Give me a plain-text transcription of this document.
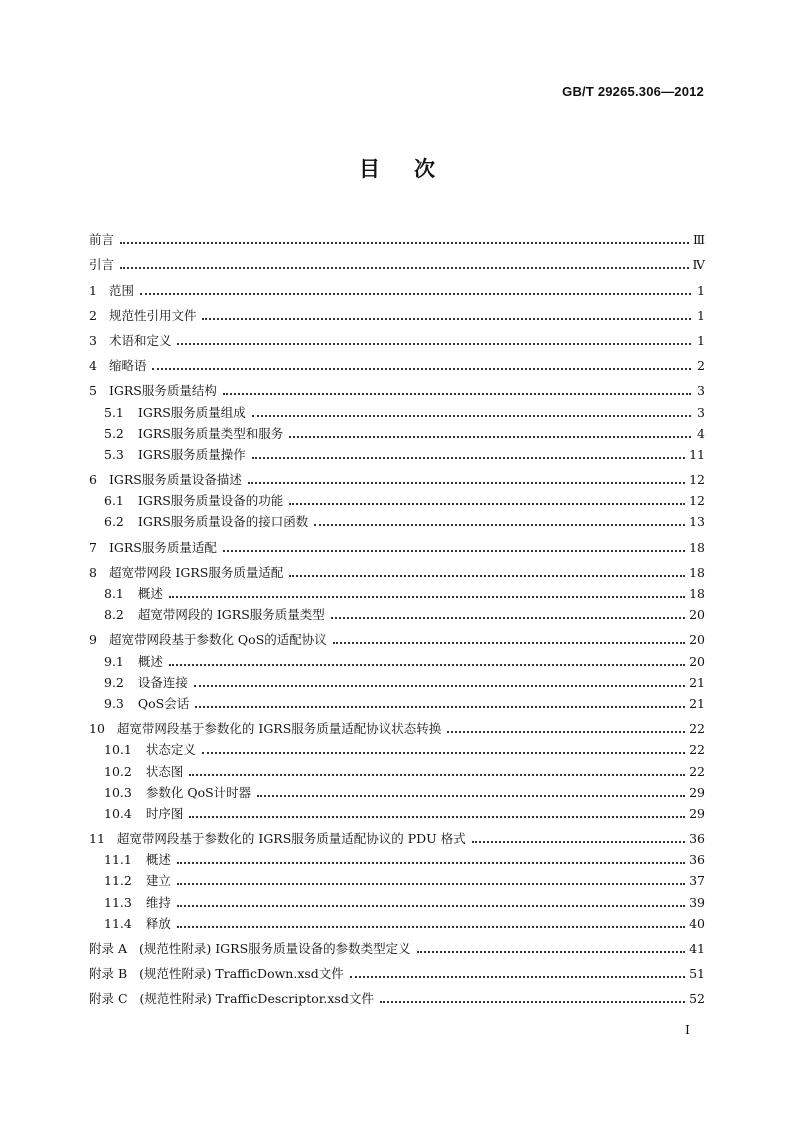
GB/T 29265.306—2012
目次
前言	Ⅲ
引言	Ⅳ
1 范围	1
2 规范性引用文件	1
3 术语和定义	1
4 缩略语	2
5 IGRS服务质量结构	3
5.1 IGRS服务质量组成	3
5.2 IGRS服务质量类型和服务	4
5.3 IGRS服务质量操作	11
6 IGRS服务质量设备描述	12
6.1 IGRS服务质量设备的功能	12
6.2 IGRS服务质量设备的接口函数	13
7 IGRS服务质量适配	18
8 超宽带网段 IGRS服务质量适配	18
8.1 概述	18
8.2 超宽带网段的 IGRS服务质量类型	20
9 超宽带网段基于参数化 QoS的适配协议	20
9.1 概述	20
9.2 设备连接	21
9.3 QoS会话	21
10 超宽带网段基于参数化的 IGRS服务质量适配协议状态转换	22
10.1 状态定义	22
10.2 状态图	22
10.3 参数化 QoS计时器	29
10.4 时序图	29
11 超宽带网段基于参数化的 IGRS服务质量适配协议的 PDU 格式	36
11.1 概述	36
11.2 建立	37
11.3 维持	39
11.4 释放	40
附录 A (规范性附录) IGRS服务质量设备的参数类型定义	41
附录 B (规范性附录) TrafficDown.xsd文件	51
附录 C (规范性附录) TrafficDescriptor.xsd文件	52
I
